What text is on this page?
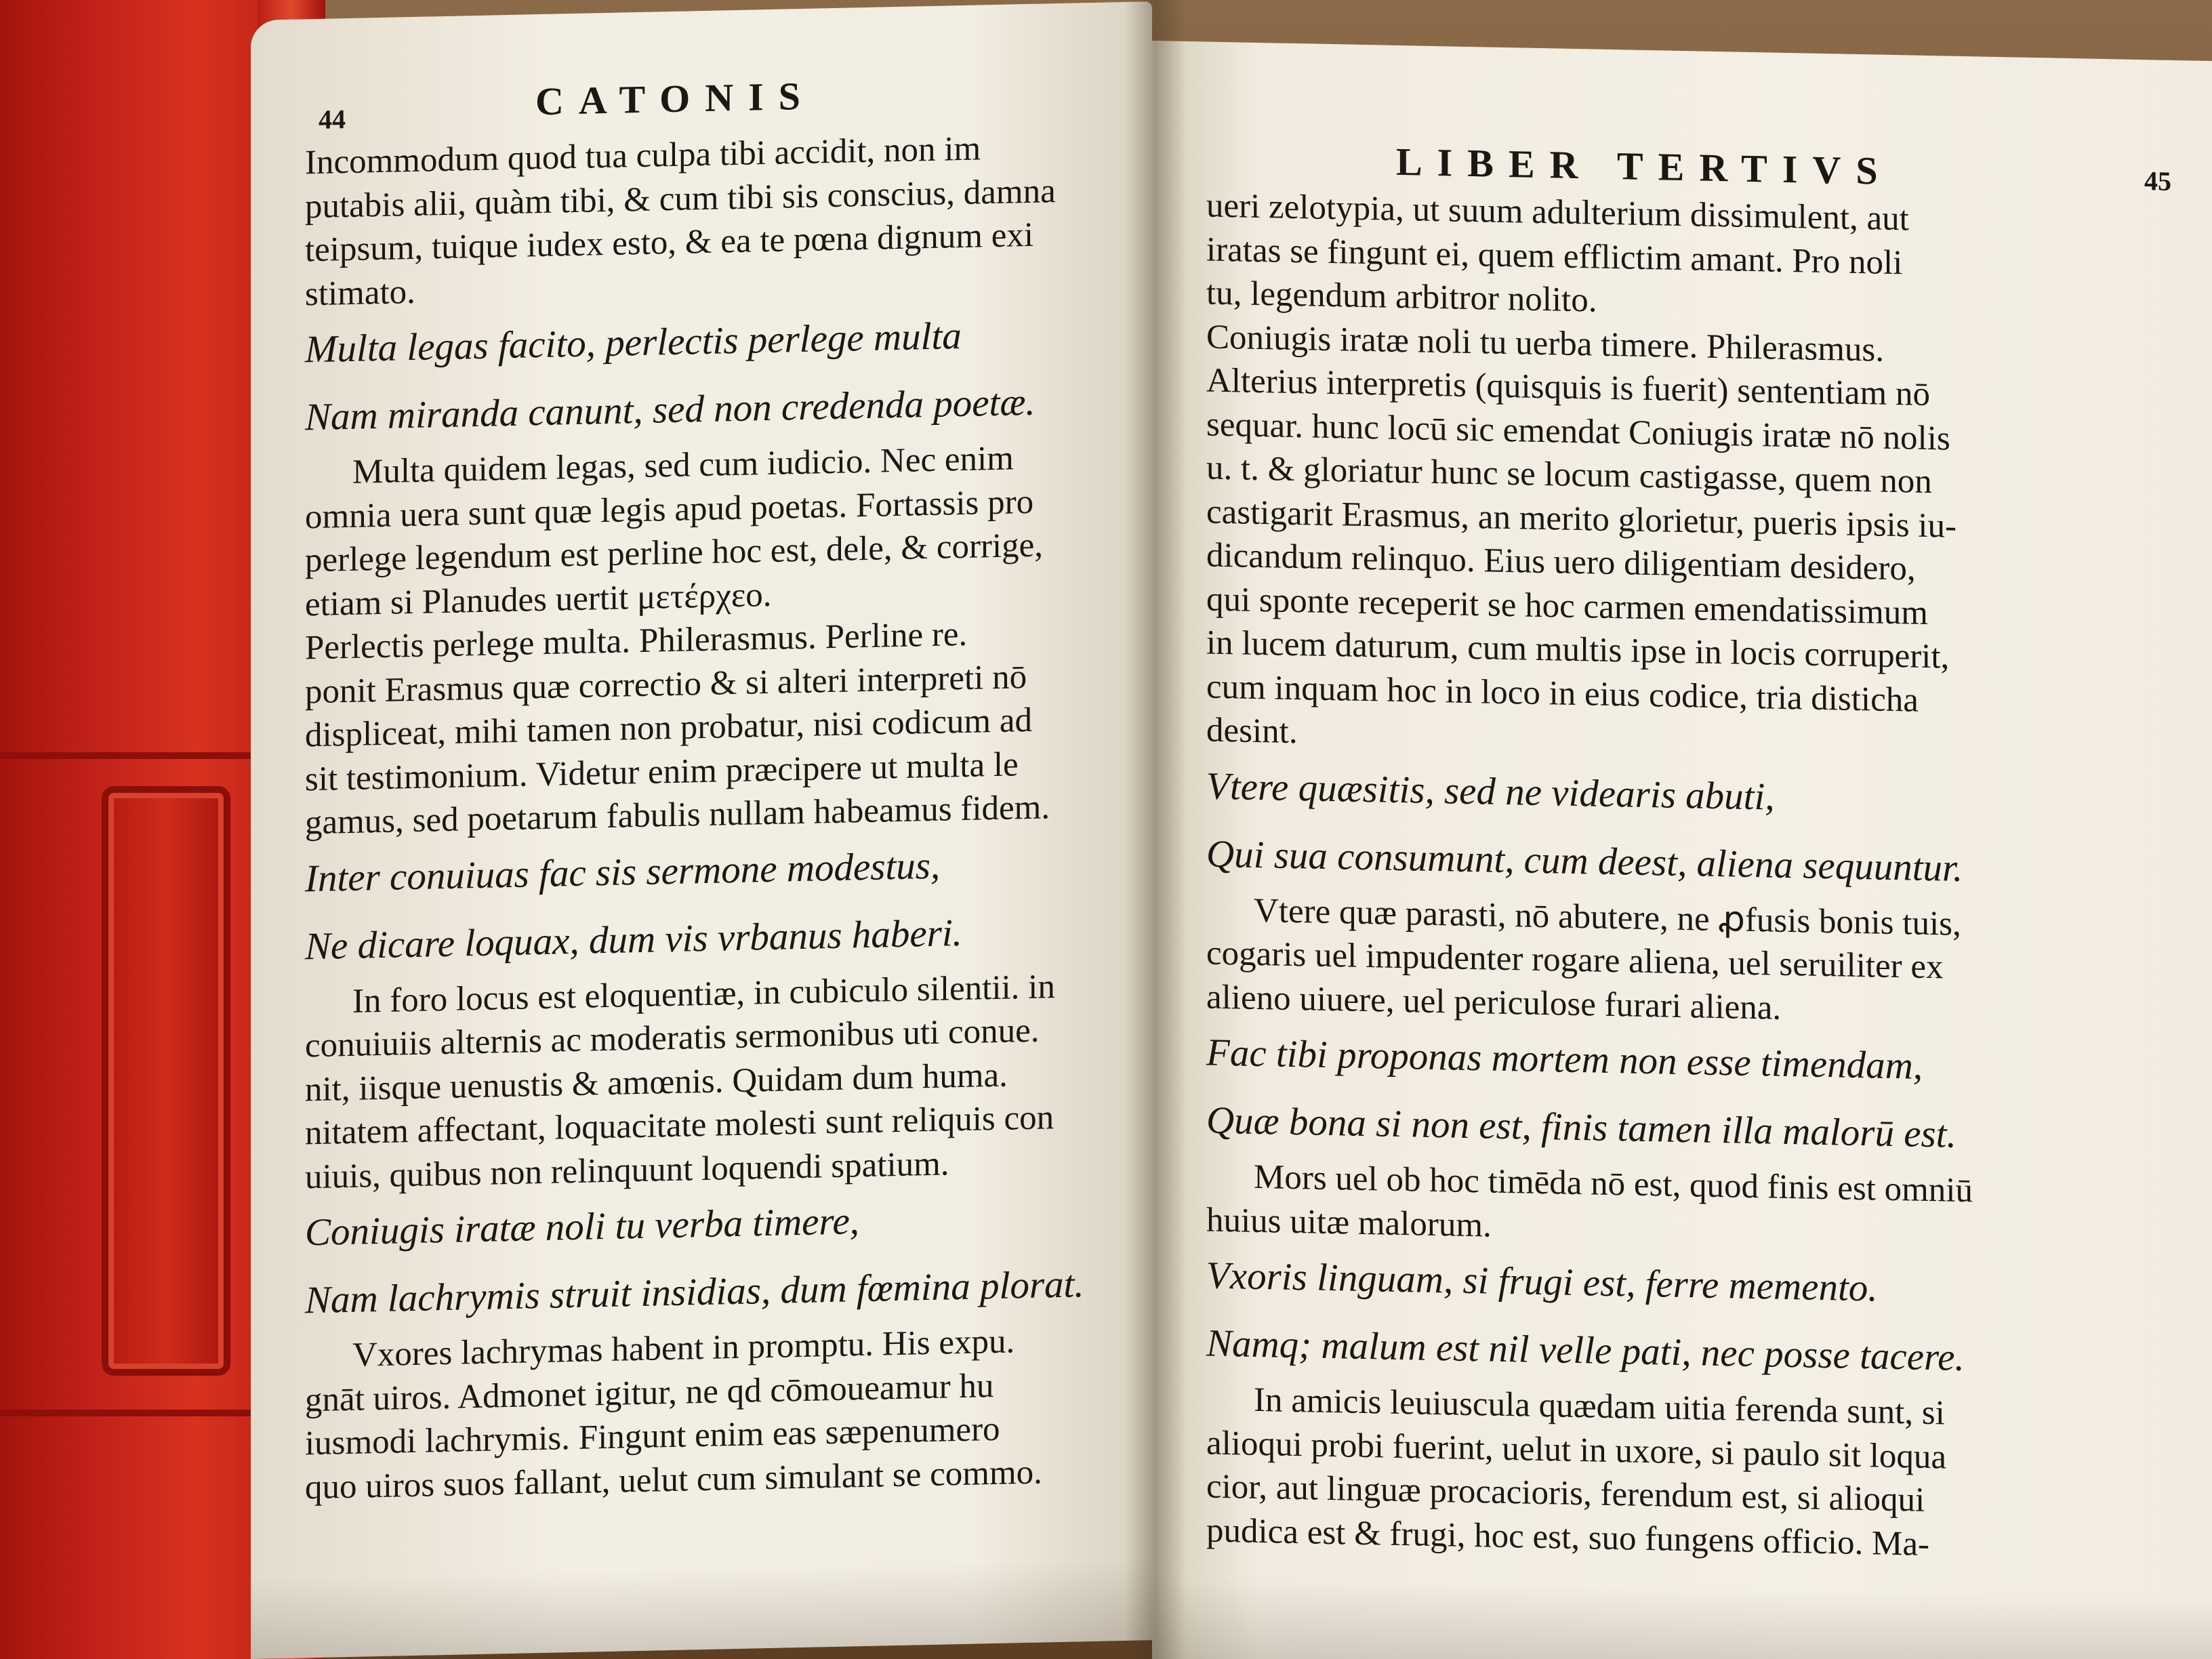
44	CATONIS
Incommodum quod tua culpa tibi accidit, non im
putabis alii, quàm tibi, & cum tibi sis conscius, damna
teipsum, tuique iudex esto, & ea te pœna dignum exi
stimato.
Multa legas facito, perlectis perlege multa
Nam miranda canunt, sed non credenda poetæ.
Multa quidem legas, sed cum iudicio. Nec enim
omnia uera sunt quæ legis apud poetas. Fortassis pro
perlege legendum est perline hoc est, dele, & corrige,
etiam si Planudes uertit μετέρχεο.
Perlectis perlege multa. Philerasmus. Perline re.
ponit Erasmus quæ correctio & si alteri interpreti nō
displiceat, mihi tamen non probatur, nisi codicum ad
sit testimonium. Videtur enim præcipere ut multa le
gamus, sed poetarum fabulis nullam habeamus fidem.
Inter conuiuas fac sis sermone modestus,
Ne dicare loquax, dum vis vrbanus haberi.
In foro locus est eloquentiæ, in cubiculo silentii. in
conuiuiis alternis ac moderatis sermonibus uti conue.
nit, iisque uenustis & amœnis. Quidam dum huma.
nitatem affectant, loquacitate molesti sunt reliquis con
uiuis, quibus non relinquunt loquendi spatium.
Coniugis iratæ noli tu verba timere,
Nam lachrymis struit insidias, dum fœmina plorat.
Vxores lachrymas habent in promptu. His expu.
gnāt uiros. Admonet igitur, ne qd cōmoueamur hu
iusmodi lachrymis. Fingunt enim eas sæpenumero
quo uiros suos fallant, uelut cum simulant se commo.
LIBER TERTIVS	45
ueri zelotypia, ut suum adulterium dissimulent, aut
iratas se fingunt ei, quem efflictim amant. Pro noli
tu, legendum arbitror nolito.
Coniugis iratæ noli tu uerba timere. Philerasmus.
Alterius interpretis (quisquis is fuerit) sententiam nō
sequar. hunc locū sic emendat Coniugis iratæ nō nolis
u. t. & gloriatur hunc se locum castigasse, quem non
castigarit Erasmus, an merito glorietur, pueris ipsis iu-
dicandum relinquo. Eius uero diligentiam desidero,
qui sponte receperit se hoc carmen emendatissimum
in lucem daturum, cum multis ipse in locis corruperit,
cum inquam hoc in loco in eius codice, tria disticha
desint.
Vtere quæsitis, sed ne videaris abuti,
Qui sua consumunt, cum deest, aliena sequuntur.
Vtere quæ parasti, nō abutere, ne ꝓfusis bonis tuis,
cogaris uel impudenter rogare aliena, uel seruiliter ex
alieno uiuere, uel periculose furari aliena.
Fac tibi proponas mortem non esse timendam,
Quæ bona si non est, finis tamen illa malorū est.
Mors uel ob hoc timēda nō est, quod finis est omniū
huius uitæ malorum.
Vxoris linguam, si frugi est, ferre memento.
Namq; malum est nil velle pati, nec posse tacere.
In amicis leuiuscula quædam uitia ferenda sunt, si
alioqui probi fuerint, uelut in uxore, si paulo sit loqua
cior, aut linguæ procacioris, ferendum est, si alioqui
pudica est & frugi, hoc est, suo fungens officio. Ma-
